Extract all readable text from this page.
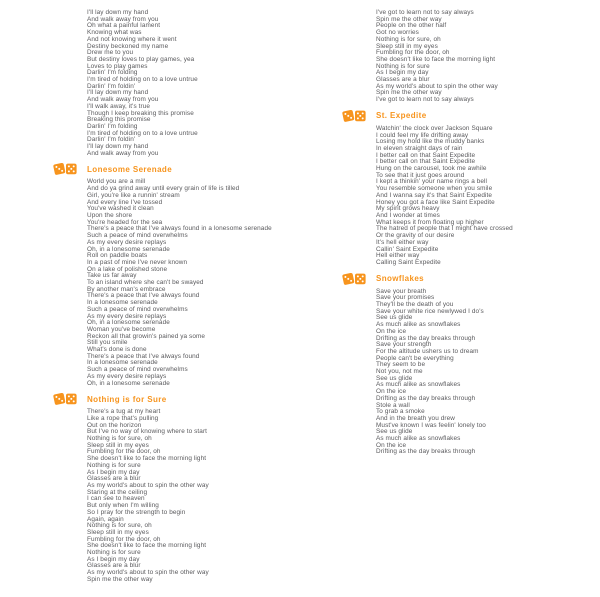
I'll lay down my hand
And walk away from you
Oh what a painful lament
Knowing what was
And not knowing where it went
Destiny beckoned my name
Drew me to you
But destiny loves to play games, yea
Loves to play games
Darlin' I'm folding
I'm tired of holding on to a love untrue
Darlin' I'm foldin'
I'll lay down my hand
And walk away from you
I'll walk away, it's true
Though I keep breaking this promise
Breaking this promise
Darlin' I'm folding
I'm tired of holding on to a love untrue
Darlin' I'm foldin'
I'll lay down my hand
And walk away from you
Lonesome Serenade
World you are a mill
And do ya grind away until every grain of life is tilled
Girl, you're like a runnin' stream
And every line I've tossed
You've washed it clean
Upon the shore
You're headed for the sea
There's a peace that I've always found in a lonesome serenade
Such a peace of mind overwhelms
As my every desire replays
Oh, in a lonesome serenade
Roll on paddle boats
In a past of mine I've never known
On a lake of polished stone
Take us far away
To an island where she can't be swayed
By another man's embrace
There's a peace that I've always found
In a lonesome serenade
Such a peace of mind overwhelms
As my every desire replays
Oh, in a lonesome serenade
Woman you've become
Reckon all that growin's pained ya some
Still you smile
What's done is done
There's a peace that I've always found
In a lonesome serenade
Such a peace of mind overwhelms
As my every desire replays
Oh, in a lonesome serenade
Nothing is for Sure
There's a tug at my heart
Like a rope that's pulling
Out on the horizon
But I've no way of knowing where to start
Nothing is for sure, oh
Sleep still in my eyes
Fumbling for the door, oh
She doesn't like to face the morning light
Nothing is for sure
As I begin my day
Glasses are a blur
As my world's about to spin the other way
Staring at the ceiling
I can see to heaven
But only when I'm willing
So I pray for the strength to begin
Again, again
Nothing is for sure, oh
Sleep still in my eyes
Fumbling for the door, oh
She doesn't like to face the morning light
Nothing is for sure
As I begin my day
Glasses are a blur
As my world's about to spin the other way
Spin me the other way
I've got to learn not to say always
Spin me the other way
People on the other half
Got no worries
Nothing is for sure, oh
Sleep still in my eyes
Fumbling for the door, oh
She doesn't like to face the morning light
Nothing is for sure
As I begin my day
Glasses are a blur
As my world's about to spin the other way
Spin me the other way
I've got to learn not to say always
St. Expedite
Watchin' the clock over Jackson Square
I could feel my life drifting away
Losing my hold like the muddy banks
In eleven straight days of rain
I better call on that Saint Expedite
I better call on that Saint Expedite
Hung on the carousel, took me awhile
To see that it just goes around
I kept a thinkin' your name rings a bell
You resemble someone when you smile
And I wanna say it's that Saint Expedite
Honey you got a face like Saint Expedite
My spirit grows heavy
And I wonder at times
What keeps it from floating up higher
The hatred of people that I might have crossed
Or the gravity of our desire
It's hell either way
Callin' Saint Expedite
Hell either way
Calling Saint Expedite
Snowflakes
Save your breath
Save your promises
They'll be the death of you
Save your white rice newlywed I do's
See us glide
As much alike as snowflakes
On the ice
Drifting as the day breaks through
Save your strength
For the altitude ushers us to dream
People can't be everything
They seem to be
Not you, not me
See us glide
As much alike as snowflakes
On the ice
Drifting as the day breaks through
Stole a wall
To grab a smoke
And in the breath you drew
Must've known I was feelin' lonely too
See us glide
As much alike as snowflakes
On the ice
Drifting as the day breaks through
